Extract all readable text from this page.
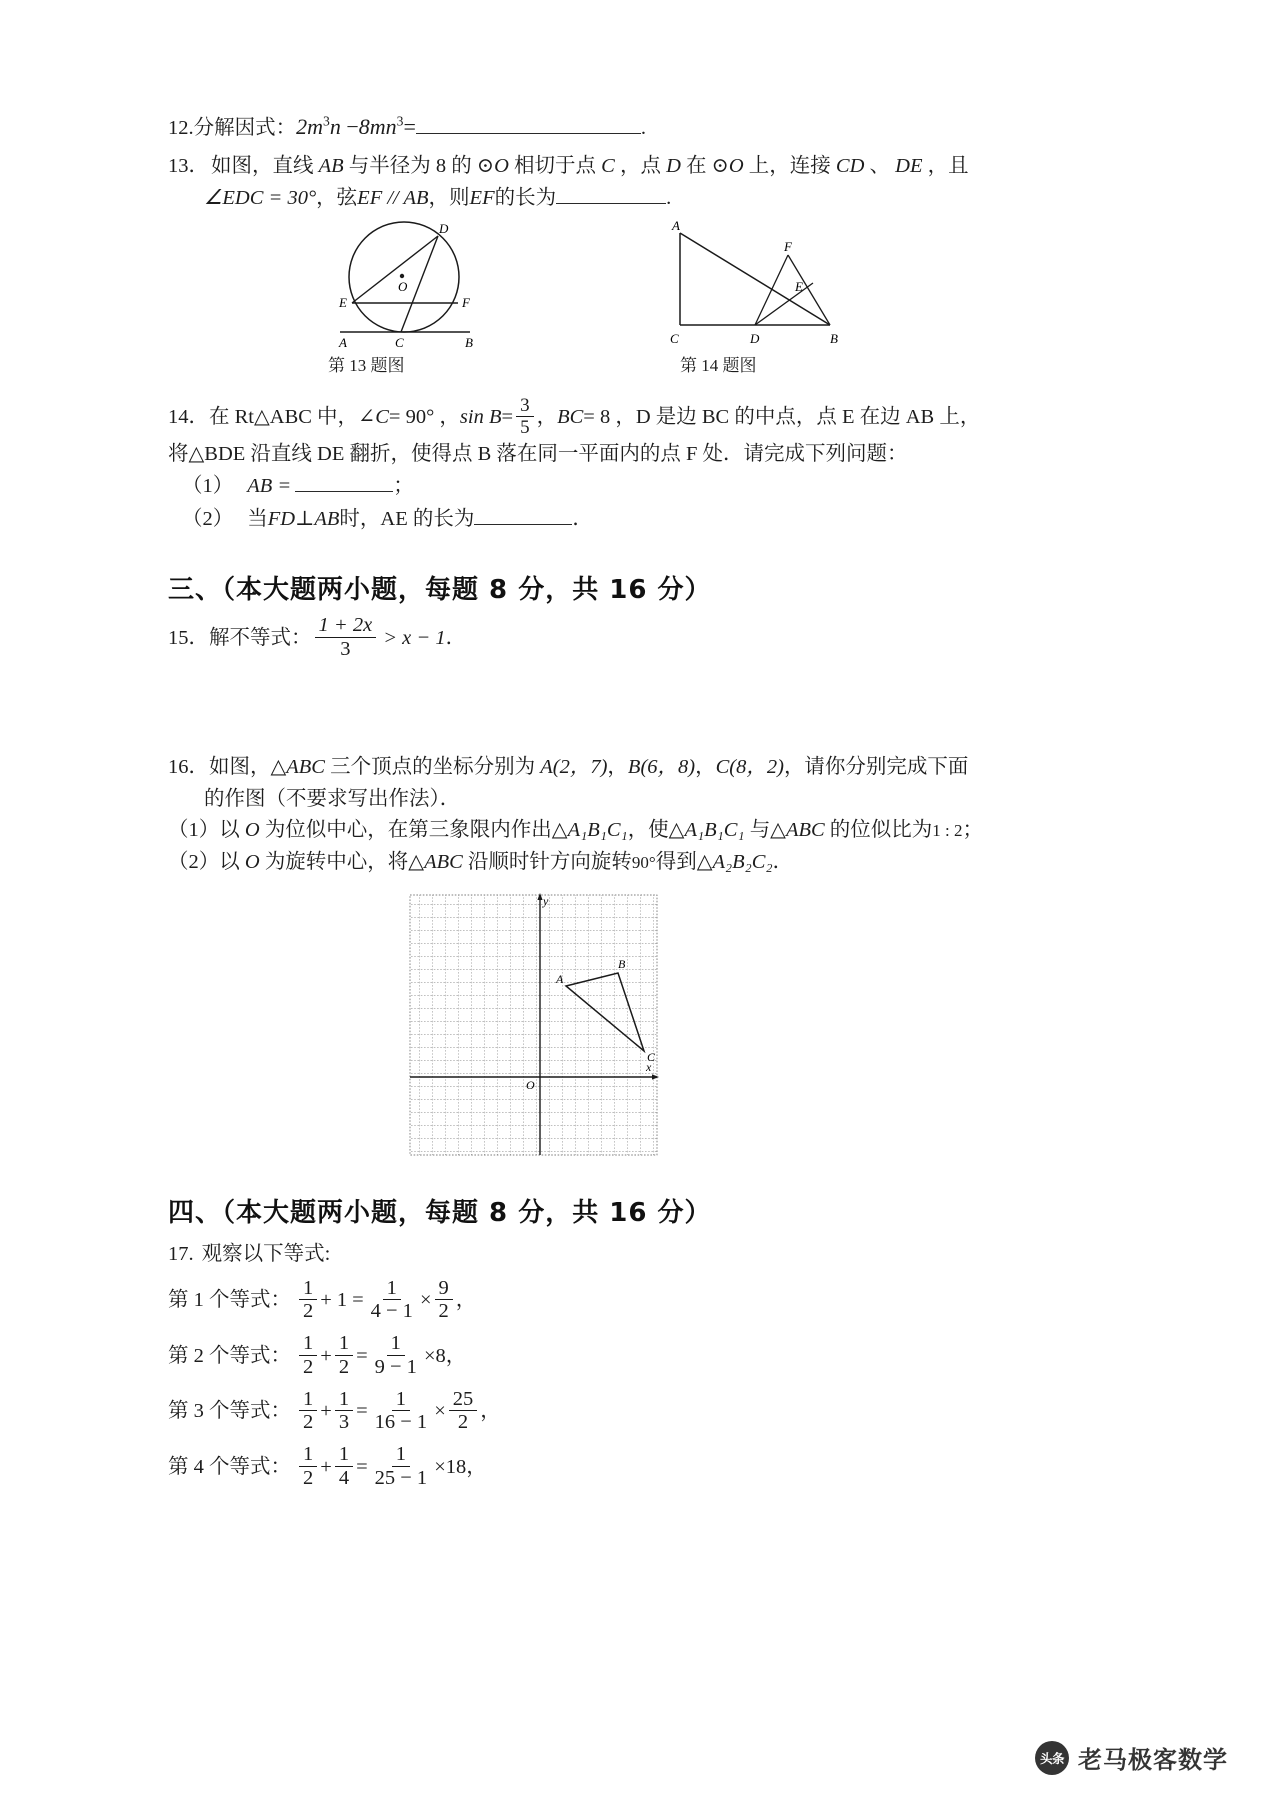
12. 分解因式： $2m^3n -8mn^3=$	.
13． 如图，直线 AB 与半径为 8 的 ⊙O 相切于点 C ，点 D 在 ⊙O 上，连接 CD 、 DE ，且
∠EDC = 30° ，弦 EF // AB ，则 EF 的长为	.
D
O
E	F
A	C	B
第 13 题图
A
F
E
C	D	B
第 14 题图
14． 在 Rt△ABC 中，∠ C = 90° ， $\sin B = \frac{3}{5}$ ， BC = 8 ，D 是边 BC 的中点，点 E 在边 AB 上，
将△BDE 沿直线 DE 翻折，使得点 B 落在同一平面内的点 F 处．请完成下列问题：
（1） AB =	；
（2） 当 FD ⊥ AB 时，AE 的长为	．
三、（本大题两小题，每题 8 分，共 16 分）
15． 解不等式： $\frac{1 + 2x}{3} > x - 1$ ．
16． 如图，△ABC 三个顶点的坐标分别为 A(2，7)，B(6，8)，C(8，2)，请你分别完成下面
的作图（不要求写出作法）．
（1） 以 O 为位似中心，在第三象限内作出△A₁B₁C₁，使△A₁B₁C₁ 与△ABC 的位似比为1 : 2；
（2） 以 O 为旋转中心，将△ABC 沿顺时针方向旋转90°得到△A₂B₂C₂．
A
B
C
y
x
O
四、（本大题两小题，每题 8 分，共 16 分）
17. 观察以下等式:
第 1 个等式： $\frac{1}{2} + 1 = \frac{1}{4 - 1} \times \frac{9}{2}$ ，
第 2 个等式： $\frac{1}{2} + \frac{1}{2} = \frac{1}{9 - 1} \times 8$ ，
第 3 个等式： $\frac{1}{2} + \frac{1}{3} = \frac{1}{16 - 1} \times \frac{25}{2}$ ，
第 4 个等式： $\frac{1}{2} + \frac{1}{4} = \frac{1}{25 - 1} \times 18$ ，
头条 老马极客数学
